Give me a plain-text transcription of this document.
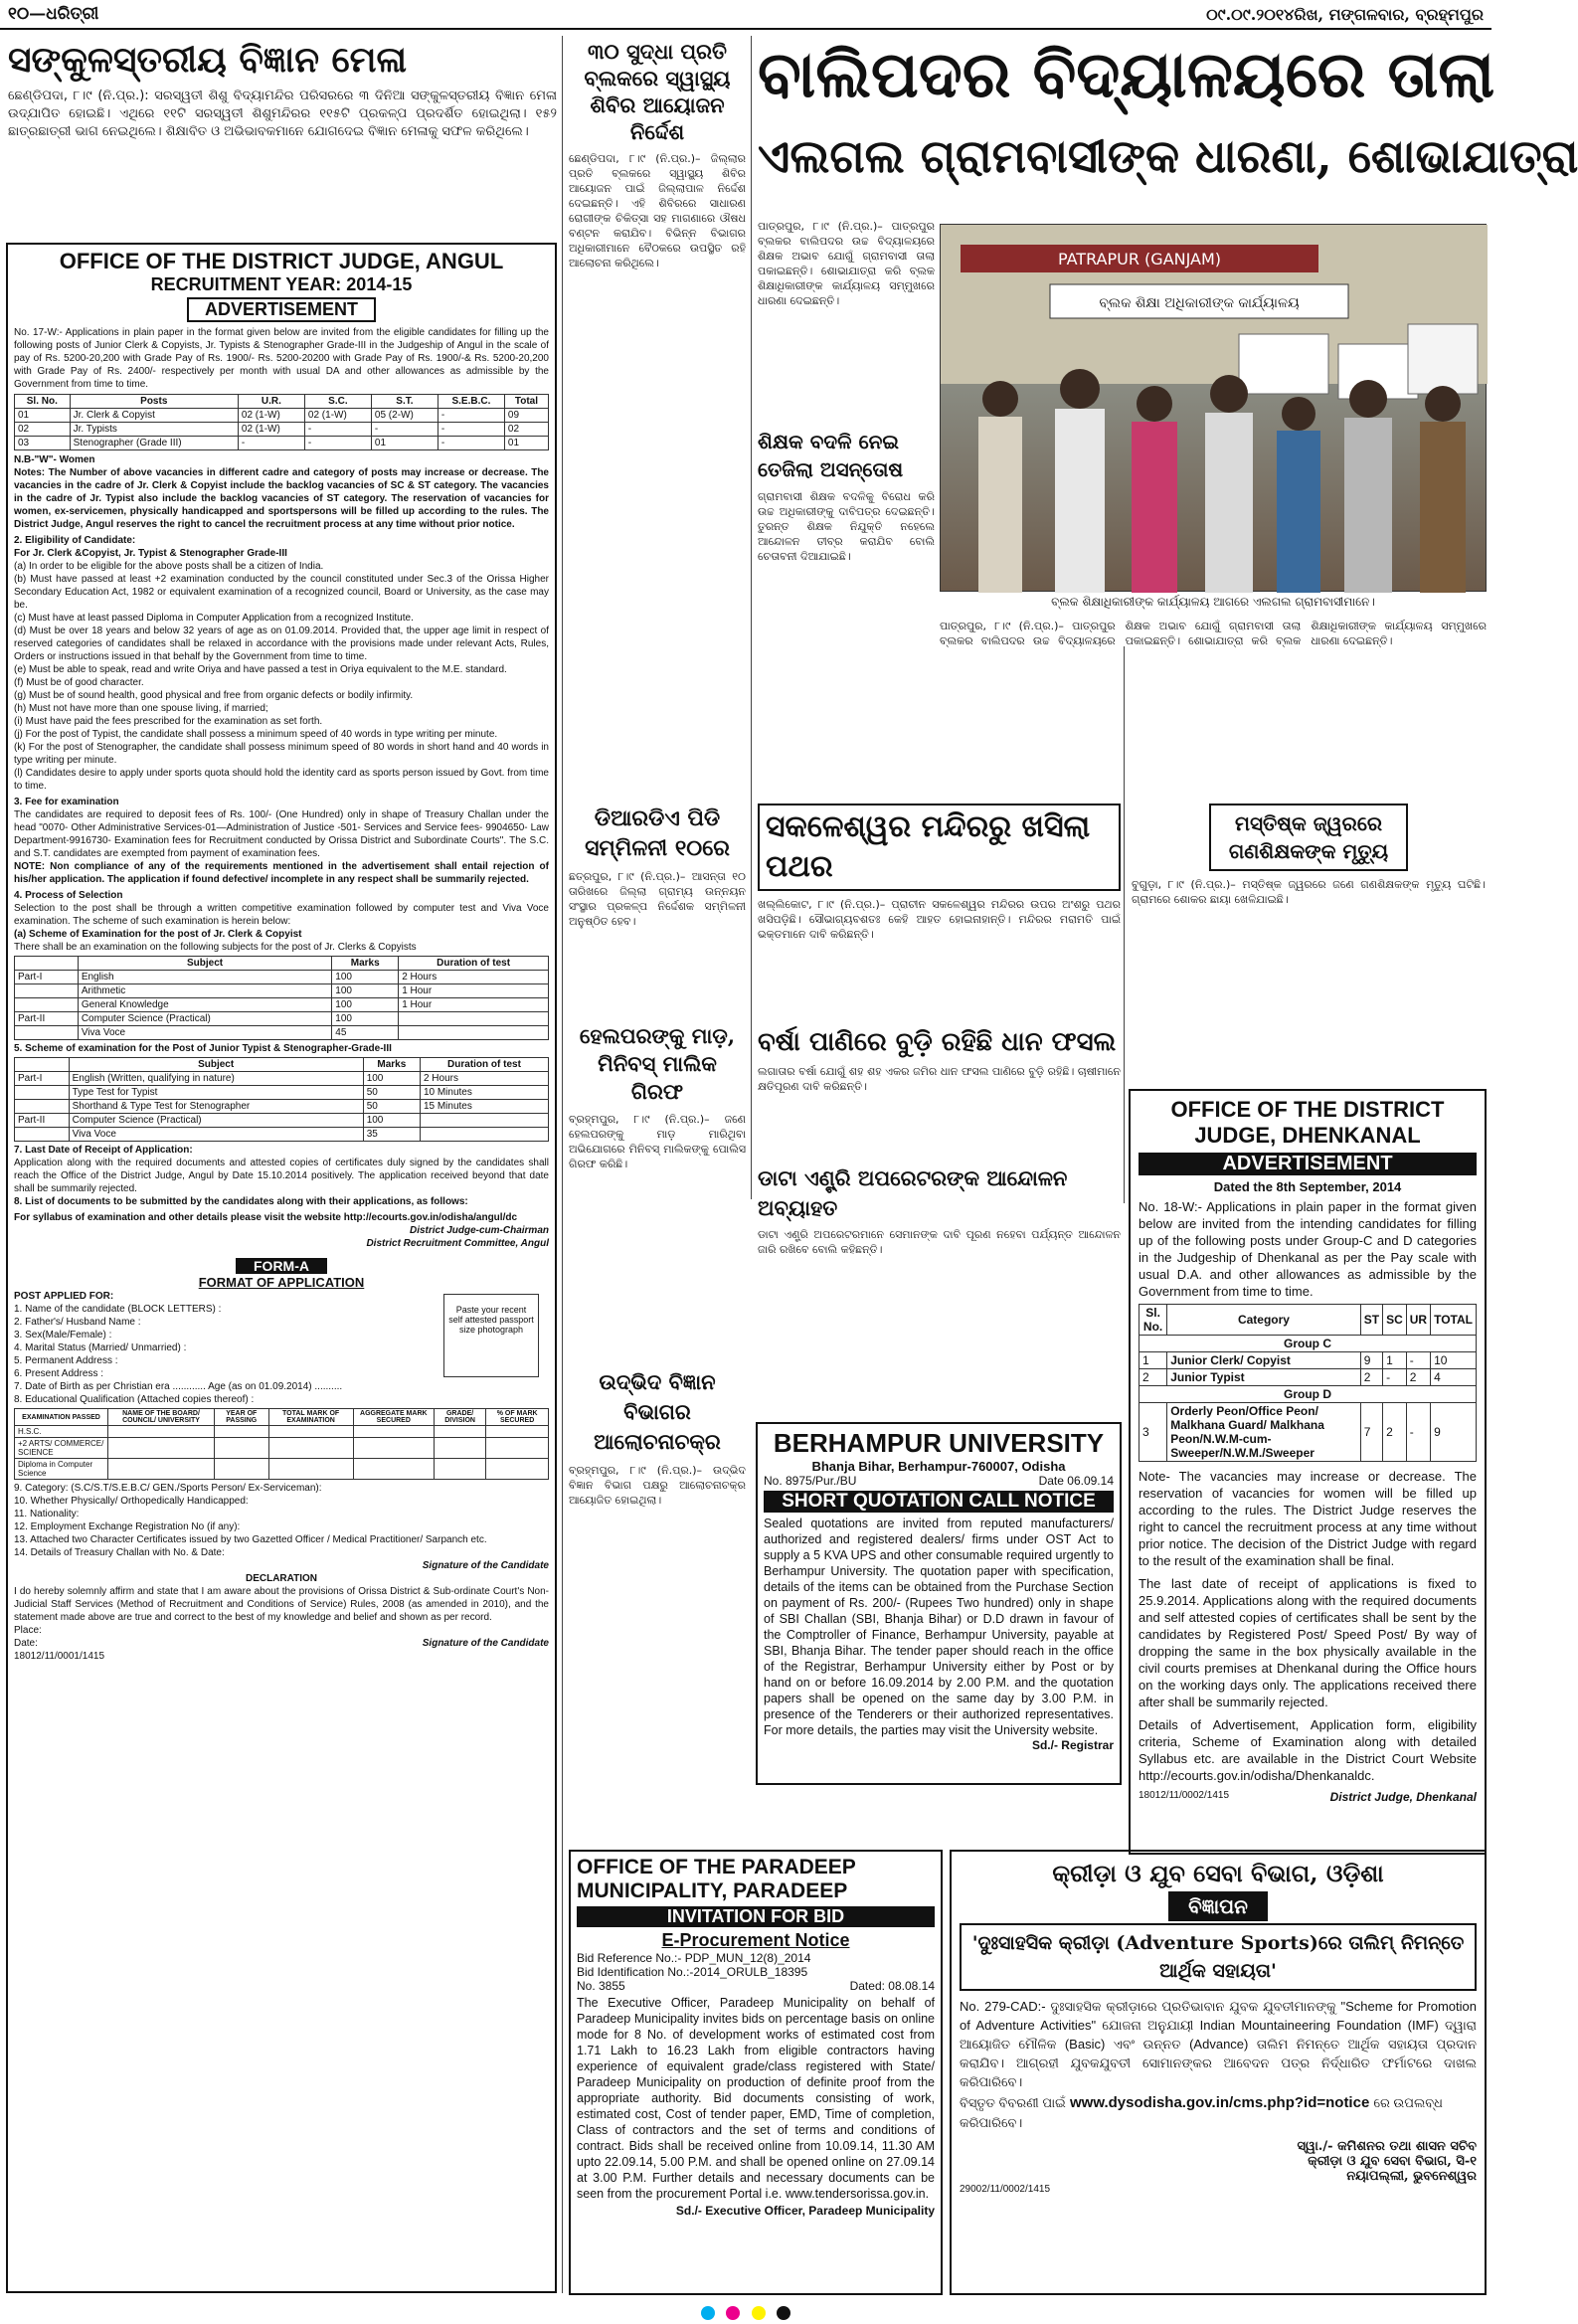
୧୦—ଧରିତ୍ରୀ	୦୯.୦୯.୨୦୧୪ରିଖ, ମଙ୍ଗଳବାର, ବ୍ରହ୍ମପୁର
ସଙ୍କୁଳସ୍ତରୀୟ ବିଜ୍ଞାନ ମେଳା
ଛେଣ୍ଡିପଦା, ୮।୯ (ନି.ପ୍ର.): ସରସ୍ୱତୀ ଶିଶୁ ବିଦ୍ୟାମନ୍ଦିର ପରିସରରେ ୩ ଦିନିଆ ସଙ୍କୁଳସ୍ତରୀୟ ବିଜ୍ଞାନ ମେଳା ଉଦ୍‌ଯାପିତ ହୋଇଛି। ଏଥିରେ ୧୧ଟି ସରସ୍ୱତୀ ଶିଶୁମନ୍ଦିରର ୧୧୫ଟି ପ୍ରକଳ୍ପ ପ୍ରଦର୍ଶିତ ହୋଇଥିଲା। ୧୫୨ ଛାତ୍ରଛାତ୍ରୀ ଭାଗ ନେଇଥିଲେ। ଶିକ୍ଷାବିତ ଓ ଅଭିଭାବକମାନେ ଯୋଗଦେଇ ବିଜ୍ଞାନ ମେଳାକୁ ସଫଳ କରିଥିଲେ।
OFFICE OF THE DISTRICT JUDGE, ANGUL
RECRUITMENT YEAR: 2014-15
ADVERTISEMENT
No. 17-W:- Applications in plain paper in the format given below are invited from the eligible candidates for filling up the following posts of Junior Clerk & Copyists, Jr. Typists & Stenographer Grade-III in the Judgeship of Angul in the scale of pay of Rs. 5200-20,200 with Grade Pay of Rs. 1900/- Rs. 5200-20200 with Grade Pay of Rs. 1900/-& Rs. 5200-20,200 with Grade Pay of Rs. 2400/- respectively per month with usual DA and other allowances as admissible by the Government from time to time.
Sl. No.	Posts	U.R.	S.C.	S.T.	S.E.B.C.	Total
01	Jr. Clerk & Copyist	02 (1-W)	02 (1-W)	05 (2-W)	-	09
02	Jr. Typists	02 (1-W)	-	-	-	02
03	Stenographer (Grade III)	-	-	01	-	01
N.B-"W"- Women
Notes: The Number of above vacancies in different cadre and category of posts may increase or decrease. The vacancies in the cadre of Jr. Clerk & Copyist include the backlog vacancies of SC & ST category. The vacancies in the cadre of Jr. Typist also include the backlog vacancies of ST category. The reservation of vacancies for women, ex-servicemen, physically handicapped and sportspersons will be filled up according to the rules. The District Judge, Angul reserves the right to cancel the recruitment process at any time without prior notice.
2. Eligibility of Candidate:
For Jr. Clerk &Copyist, Jr. Typist & Stenographer Grade-III
(a) In order to be eligible for the above posts shall be a citizen of India.
(b) Must have passed at least +2 examination conducted by the council constituted under Sec.3 of the Orissa Higher Secondary Education Act, 1982 or equivalent examination of a recognized council, Board or University, as the case may be.
(c) Must have at least passed Diploma in Computer Application from a recognized Institute.
(d) Must be over 18 years and below 32 years of age as on 01.09.2014. Provided that, the upper age limit in respect of reserved categories of candidates shall be relaxed in accordance with the provisions made under relevant Acts, Rules, Orders or instructions issued in that behalf by the Government from time to time.
(e) Must be able to speak, read and write Oriya and have passed a test in Oriya equivalent to the M.E. standard.
(f) Must be of good character.
(g) Must be of sound health, good physical and free from organic defects or bodily infirmity.
(h) Must not have more than one spouse living, if married;
(i) Must have paid the fees prescribed for the examination as set forth.
(j) For the post of Typist, the candidate shall possess a minimum speed of 40 words in type writing per minute.
(k) For the post of Stenographer, the candidate shall possess minimum speed of 80 words in short hand and 40 words in type writing per minute.
(l) Candidates desire to apply under sports quota should hold the identity card as sports person issued by Govt. from time to time.
3. Fee for examination
The candidates are required to deposit fees of Rs. 100/- (One Hundred) only in shape of Treasury Challan under the head "0070- Other Administrative Services-01—Administration of Justice -501- Services and Service fees- 9904650- Law Department-9916730- Examination fees for Recruitment conducted by Orissa District and Subordinate Courts". The S.C. and S.T. candidates are exempted from payment of examination fees.
NOTE: Non compliance of any of the requirements mentioned in the advertisement shall entail rejection of his/her application. The application if found defective/ incomplete in any respect shall be summarily rejected.
4. Process of Selection
Selection to the post shall be through a written competitive examination followed by computer test and Viva Voce examination. The scheme of such examination is herein below:
(a) Scheme of Examination for the post of Jr. Clerk & Copyist
There shall be an examination on the following subjects for the post of Jr. Clerks & Copyists
	Subject	Marks	Duration of test
Part-I	English	100	2 Hours
	Arithmetic	100	1 Hour
	General Knowledge	100	1 Hour
Part-II	Computer Science (Practical)	100	
	Viva Voce	45	
5. Scheme of examination for the Post of Junior Typist & Stenographer-Grade-III
	Subject	Marks	Duration of test
Part-I	English (Written, qualifying in nature)	100	2 Hours
	Type Test for Typist	50	10 Minutes
	Shorthand & Type Test for Stenographer	50	15 Minutes
Part-II	Computer Science (Practical)	100	
	Viva Voce	35	
7. Last Date of Receipt of Application:
Application along with the required documents and attested copies of certificates duly signed by the candidates shall reach the Office of the District Judge, Angul by Date 15.10.2014 positively. The application received beyond that date shall be summarily rejected.
8. List of documents to be submitted by the candidates along with their applications, as follows:
For syllabus of examination and other details please visit the website http://ecourts.gov.in/odisha/angul/dc
District Judge-cum-Chairman
District Recruitment Committee, Angul
FORM-A
FORMAT OF APPLICATION
POST APPLIED FOR:
Paste your recent self attested passport size photograph
1. Name of the candidate (BLOCK LETTERS) :
2. Father's/ Husband Name :
3. Sex(Male/Female) :
4. Marital Status (Married/ Unmarried) :
5. Permanent Address :
6. Present Address :
7. Date of Birth as per Christian era ............ Age (as on 01.09.2014) ..........
8. Educational Qualification (Attached copies thereof) :
EXAMINATION PASSED	NAME OF THE BOARD/ COUNCIL/ UNIVERSITY	YEAR OF PASSING	TOTAL MARK OF EXAMINATION	AGGREGATE MARK SECURED	GRADE/ DIVISION	% OF MARK SECURED
H.S.C.						
+2 ARTS/ COMMERCE/ SCIENCE						
Diploma in Computer Science						
9. Category: (S.C/S.T/S.E.B.C/ GEN./Sports Person/ Ex-Serviceman):
10. Whether Physically/ Orthopedically Handicapped:
11. Nationality:
12. Employment Exchange Registration No (if any):
13. Attached two Character Certificates issued by two Gazetted Officer / Medical Practitioner/ Sarpanch etc.
14. Details of Treasury Challan with No. & Date:
Signature of the Candidate
DECLARATION
I do hereby solemnly affirm and state that I am aware about the provisions of Orissa District & Sub-ordinate Court's Non-Judicial Staff Services (Method of Recruitment and Conditions of Service) Rules, 2008 (as amended in 2010), and the statement made above are true and correct to the best of my knowledge and belief and shown as per record.
Place:
Date:	Signature of the Candidate
18012/11/0001/1415
୩୦ ସୁଦ୍ଧା ପ୍ରତି ବ୍ଲକରେ ସ୍ୱାସ୍ଥ୍ୟ ଶିବିର ଆୟୋଜନ ନିର୍ଦ୍ଦେଶ

ଛେଣ୍ଡିପଦା, ୮।୯ (ନି.ପ୍ର.)– ଜିଲ୍ଲାର ପ୍ରତି ବ୍ଲକରେ ସ୍ୱାସ୍ଥ୍ୟ ଶିବିର ଆୟୋଜନ ପାଇଁ ଜିଲ୍ଲାପାଳ ନିର୍ଦ୍ଦେଶ ଦେଇଛନ୍ତି। ଏହି ଶିବିରରେ ସାଧାରଣ ରୋଗୀଙ୍କ ଚିକିତ୍ସା ସହ ମାଗଣାରେ ଔଷଧ ବଣ୍ଟନ କରାଯିବ। ବିଭିନ୍ନ ବିଭାଗର ଅଧିକାରୀମାନେ ବୈଠକରେ ଉପସ୍ଥିତ ରହି ଆଲୋଚନା କରିଥିଲେ।

ଡିଆରଡିଏ ପିଡି ସମ୍ମିଳନୀ ୧୦ରେ
ଛତ୍ରପୁର, ୮।୯ (ନି.ପ୍ର.)– ଆସନ୍ତା ୧୦ ତାରିଖରେ ଜିଲ୍ଲା ଗ୍ରାମ୍ୟ ଉନ୍ନୟନ ସଂସ୍ଥାର ପ୍ରକଳ୍ପ ନିର୍ଦ୍ଦେଶକ ସମ୍ମିଳନୀ ଅନୁଷ୍ଠିତ ହେବ।
ହେଲପରଙ୍କୁ ମାଡ଼, ମିନିବସ୍ ମାଲିକ ଗିରଫ
ବ୍ରହ୍ମପୁର, ୮।୯ (ନି.ପ୍ର.)– ଜଣେ ହେଲପରଙ୍କୁ ମାଡ଼ ମାରିଥିବା ଅଭିଯୋଗରେ ମିନିବସ୍ ମାଲିକଙ୍କୁ ପୋଲିସ ଗିରଫ କରିଛି।
ଉଦ୍ଭିଦ ବିଜ୍ଞାନ ବିଭାଗର ଆଲୋଚନାଚକ୍ର
ବ୍ରହ୍ମପୁର, ୮।୯ (ନି.ପ୍ର.)– ଉଦ୍ଭିଦ ବିଜ୍ଞାନ ବିଭାଗ ପକ୍ଷରୁ ଆଲୋଚନାଚକ୍ର ଆୟୋଜିତ ହୋଇଥିଲା।
ବାଲିପଦର ବିଦ୍ୟାଳୟରେ ତାଲା
ଏଲଗଲ ଗ୍ରାମବାସୀଙ୍କ ଧାରଣା, ଶୋଭାଯାତ୍ରା
ପାତ୍ରପୁର, ୮।୯ (ନି.ପ୍ର.)– ପାତ୍ରପୁର ବ୍ଲକର ବାଲିପଦର ଉଚ୍ଚ ବିଦ୍ୟାଳୟରେ ଶିକ୍ଷକ ଅଭାବ ଯୋଗୁଁ ଗ୍ରାମବାସୀ ତାଲା ପକାଇଛନ୍ତି। ଶୋଭାଯାତ୍ରା କରି ବ୍ଲକ ଶିକ୍ଷାଧିକାରୀଙ୍କ କାର୍ଯ୍ୟାଳୟ ସମ୍ମୁଖରେ ଧାରଣା ଦେଇଛନ୍ତି।
ଶିକ୍ଷକ ବଦଳି ନେଇ ତେଜିଲା ଅସନ୍ତୋଷ
ଗ୍ରାମବାସୀ ଶିକ୍ଷକ ବଦଳିକୁ ବିରୋଧ କରି ଉଚ୍ଚ ଅଧିକାରୀଙ୍କୁ ଦାବିପତ୍ର ଦେଇଛନ୍ତି। ତୁରନ୍ତ ଶିକ୍ଷକ ନିଯୁକ୍ତି ନହେଲେ ଆନ୍ଦୋଳନ ତୀବ୍ର କରାଯିବ ବୋଲି ଚେତାବନୀ ଦିଆଯାଇଛି।
PATRAPUR (GANJAM)
ବ୍ଲକ ଶିକ୍ଷା ଅଧିକାରୀଙ୍କ କାର୍ଯ୍ୟାଳୟ
ବ୍ଲକ ଶିକ୍ଷାଧିକାରୀଙ୍କ କାର୍ଯ୍ୟାଳୟ ଆଗରେ ଏଲଗଲ ଗ୍ରାମବାସୀମାନେ।
ପାତ୍ରପୁର, ୮।୯ (ନି.ପ୍ର.)– ପାତ୍ରପୁର ବ୍ଲକର ବାଲିପଦର ଉଚ୍ଚ ବିଦ୍ୟାଳୟରେ ଶିକ୍ଷକ ଅଭାବ ଯୋଗୁଁ ଗ୍ରାମବାସୀ ତାଲା ପକାଇଛନ୍ତି। ଶୋଭାଯାତ୍ରା କରି ବ୍ଲକ ଶିକ୍ଷାଧିକାରୀଙ୍କ କାର୍ଯ୍ୟାଳୟ ସମ୍ମୁଖରେ ଧାରଣା ଦେଇଛନ୍ତି।
ମସ୍ତିଷ୍କ ଜ୍ୱରରେ ଗଣଶିକ୍ଷକଙ୍କ ମୃତ୍ୟୁ
ବୁଗୁଡ଼ା, ୮।୯ (ନି.ପ୍ର.)– ମସ୍ତିଷ୍କ ଜ୍ୱରରେ ଜଣେ ଗଣଶିକ୍ଷକଙ୍କ ମୃତ୍ୟୁ ଘଟିଛି। ଗ୍ରାମରେ ଶୋକର ଛାୟା ଖେଳିଯାଇଛି।
ସକଳେଶ୍ୱର ମନ୍ଦିରରୁ ଖସିଲା ପଥର
ଖଲ୍ଲିକୋଟ, ୮।୯ (ନି.ପ୍ର.)– ପ୍ରାଚୀନ ସକଳେଶ୍ୱର ମନ୍ଦିରର ଉପର ଅଂଶରୁ ପଥର ଖସିପଡ଼ିଛି। ସୌଭାଗ୍ୟବଶତଃ କେହି ଆହତ ହୋଇନାହାନ୍ତି। ମନ୍ଦିରର ମରାମତି ପାଇଁ ଭକ୍ତମାନେ ଦାବି କରିଛନ୍ତି।
ବର୍ଷା ପାଣିରେ ବୁଡ଼ି ରହିଛି ଧାନ ଫସଲ
ଲଗାତାର ବର୍ଷା ଯୋଗୁଁ ଶହ ଶହ ଏକର ଜମିର ଧାନ ଫସଲ ପାଣିରେ ବୁଡ଼ି ରହିଛି। ଚାଷୀମାନେ କ୍ଷତିପୂରଣ ଦାବି କରିଛନ୍ତି।
ଡାଟା ଏଣ୍ଟ୍ରି ଅପରେଟରଙ୍କ ଆନ୍ଦୋଳନ ଅବ୍ୟାହତ
ଡାଟା ଏଣ୍ଟ୍ରି ଅପରେଟରମାନେ ସେମାନଙ୍କ ଦାବି ପୂରଣ ନହେବା ପର୍ଯ୍ୟନ୍ତ ଆନ୍ଦୋଳନ ଜାରି ରଖିବେ ବୋଲି କହିଛନ୍ତି।
OFFICE OF THE DISTRICT JUDGE, DHENKANAL
ADVERTISEMENT
Dated the 8th September, 2014
No. 18-W:- Applications in plain paper in the format given below are invited from the intending candidates for filling up of the following posts under Group-C and D categories in the Judgeship of Dhenkanal as per the Pay scale with usual D.A. and other allowances as admissible by the Government from time to time.
Sl. No.	Category	ST	SC	UR	TOTAL
Group C					
1	Junior Clerk/ Copyist	9	1	-	10
2	Junior Typist	2	-	2	4
Group D					
3	Orderly Peon/Office Peon/ Malkhana Guard/ Malkhana Peon/N.W.M-cum-Sweeper/N.W.M./Sweeper	7	2	-	9
Note- The vacancies may increase or decrease. The reservation of vacancies for women will be filled up according to the rules. The District Judge reserves the right to cancel the recruitment process at any time without prior notice. The decision of the District Judge with regard to the result of the examination shall be final.
The last date of receipt of applications is fixed to 25.9.2014. Applications along with the required documents and self attested copies of certificates shall be sent by the candidates by Registered Post/ Speed Post/ By way of dropping the same in the box physically available in the civil courts premises at Dhenkanal during the Office hours on the working days only. The applications received there after shall be summarily rejected.
Details of Advertisement, Application form, eligibility criteria, Scheme of Examination along with detailed Syllabus etc. are available in the District Court Website http://ecourts.gov.in/odisha/Dhenkanaldc.
18012/11/0002/1415	District Judge, Dhenkanal
BERHAMPUR UNIVERSITY
Bhanja Bihar, Berhampur-760007, Odisha
No. 8975/Pur./BU	Date 06.09.14
SHORT QUOTATION CALL NOTICE
Sealed quotations are invited from reputed manufacturers/ authorized and registered dealers/ firms under OST Act to supply a 5 KVA UPS and other consumable required urgently to Berhampur University. The quotation paper with specification, details of the items can be obtained from the Purchase Section on payment of Rs. 200/- (Rupees Two hundred) only in shape of SBI Challan (SBI, Bhanja Bihar) or D.D drawn in favour of the Comptroller of Finance, Berhampur University, payable at SBI, Bhanja Bihar. The tender paper should reach in the office of the Registrar, Berhampur University either by Post or by hand on or before 16.09.2014 by 2.00 P.M. and the quotation papers shall be opened on the same day by 3.00 P.M. in presence of the Tenderers or their authorized representatives. For more details, the parties may visit the University website.
Sd./- Registrar
OFFICE OF THE PARADEEP MUNICIPALITY, PARADEEP
INVITATION FOR BID
E-Procurement Notice
Bid Reference No.:- PDP_MUN_12(8)_2014
Bid Identification No.:-2014_ORULB_18395
No. 3855	Dated: 08.08.14
The Executive Officer, Paradeep Municipality on behalf of Paradeep Municipality invites bids on percentage basis on online mode for 8 No. of development works of estimated cost from 1.71 Lakh to 16.23 Lakh from eligible contractors having experience of equivalent grade/class registered with State/ Paradeep Municipality on production of definite proof from the appropriate authority. Bid documents consisting of work, estimated cost, Cost of tender paper, EMD, Time of completion, Class of contractors and the set of terms and conditions of contract. Bids shall be received online from 10.09.14, 11.30 AM upto 22.09.14, 5.00 P.M. and shall be opened online on 27.09.14 at 3.00 P.M. Further details and necessary documents can be seen from the procurement Portal i.e. www.tendersorissa.gov.in.
Sd./- Executive Officer, Paradeep Municipality
କ୍ରୀଡ଼ା ଓ ଯୁବ ସେବା ବିଭାଗ, ଓଡ଼ିଶା
ବିଜ୍ଞାପନ
'ଦୁଃସାହସିକ କ୍ରୀଡ଼ା (Adventure Sports)ରେ ତାଲିମ୍ ନିମନ୍ତେ ଆର୍ଥିକ ସହାୟତା'
No. 279-CAD:- ଦୁଃସାହସିକ କ୍ରୀଡ଼ାରେ ପ୍ରତିଭାବାନ ଯୁବକ ଯୁବତୀମାନଙ୍କୁ "Scheme for Promotion of Adventure Activities" ଯୋଜନା ଅନୁଯାୟୀ Indian Mountaineering Foundation (IMF) ଦ୍ୱାରା ଆୟୋଜିତ ମୌଳିକ (Basic) ଏବଂ ଉନ୍ନତ (Advance) ତାଲିମ ନିମନ୍ତେ ଆର୍ଥିକ ସହାୟତା ପ୍ରଦାନ କରାଯିବ। ଆଗ୍ରହୀ ଯୁବକଯୁବତୀ ସୋମାନଙ୍କର ଆବେଦନ ପତ୍ର ନିର୍ଦ୍ଧାରିତ ଫର୍ମାଟରେ ଦାଖଲ କରିପାରିବେ।
ବିସ୍ତୃତ ବିବରଣୀ ପାଇଁ www.dysodisha.gov.in/cms.php?id=notice ରେ ଉପଲବ୍ଧ କରିପାରିବେ।
ସ୍ୱା./- କମିଶନର ତଥା ଶାସନ ସଚିବ
କ୍ରୀଡ଼ା ଓ ଯୁବ ସେବା ବିଭାଗ, ସି-୧
ନୟାପଲ୍ଲୀ, ଭୁବନେଶ୍ୱର
29002/11/0002/1415
